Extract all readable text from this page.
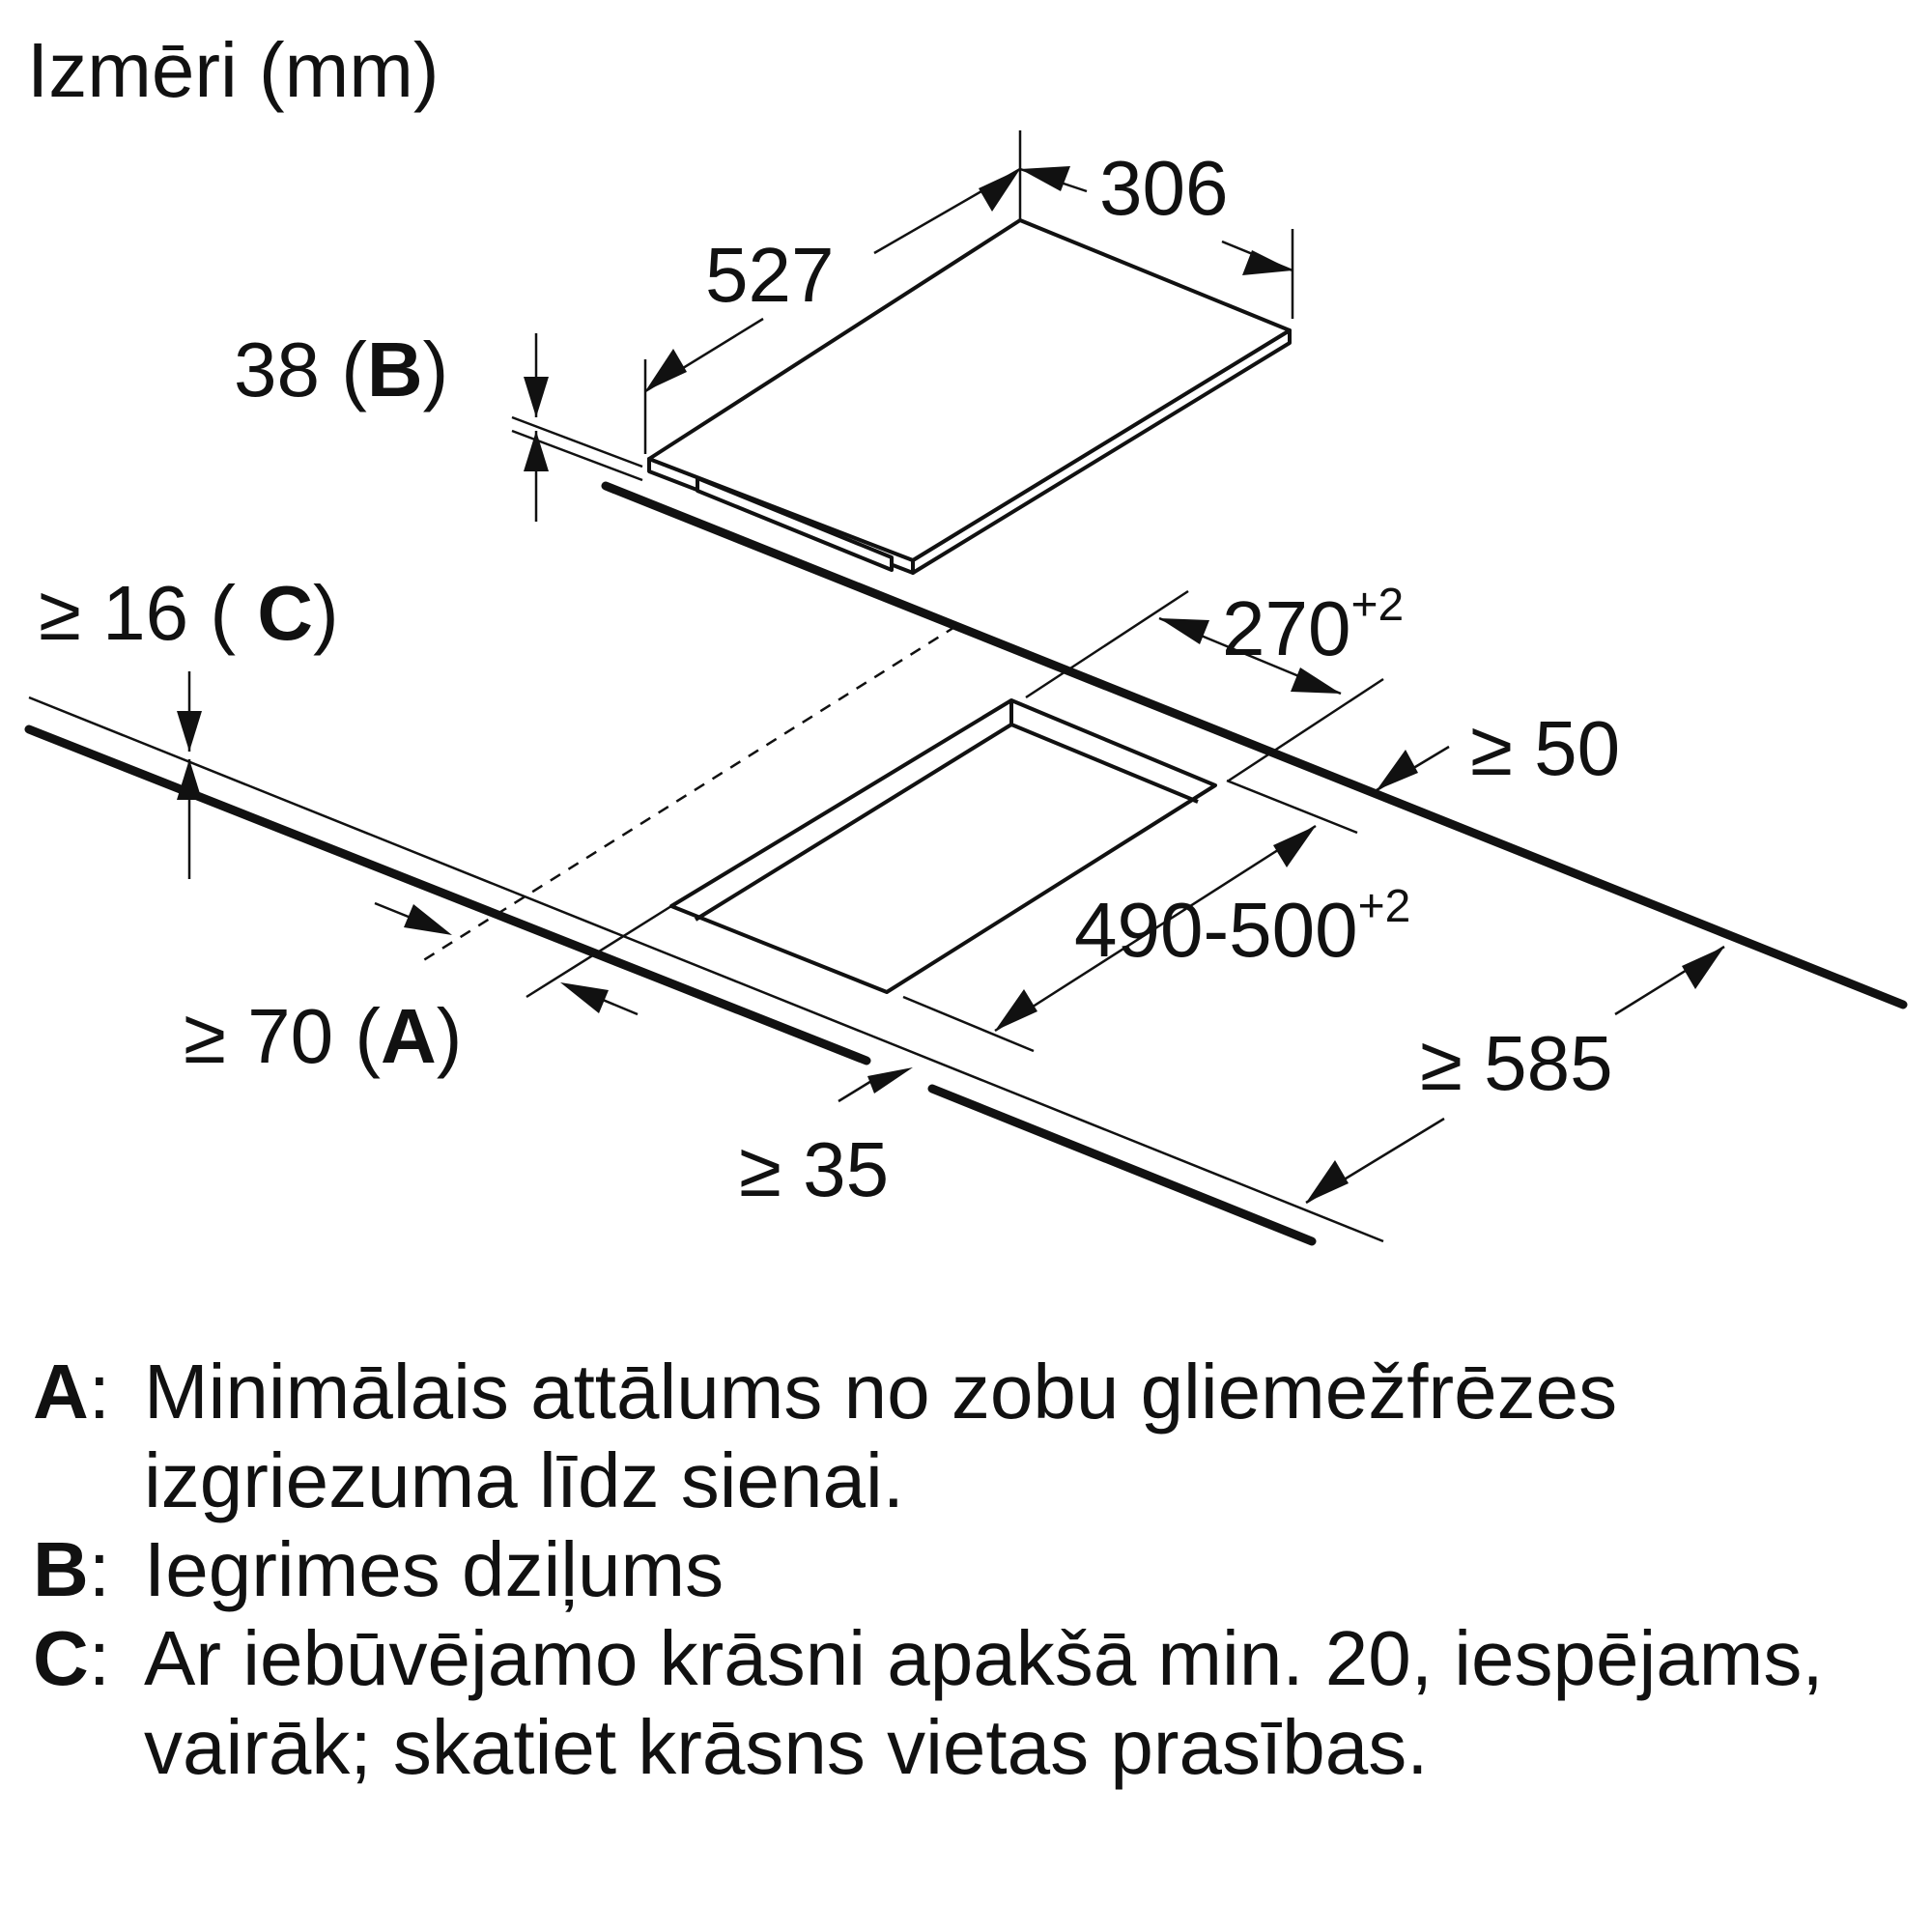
Izmēri (mm)
306
527
38 (B)
$270^{+2}$
≥ 50
$490-500^{+2}$
≥ 585
≥ 35
≥ 70 (A)
≥ 16 ( C)
A: Minimālais attālums no zobu gliemežfrēzes izgriezuma līdz sienai.
B: Iegrimes dziļums
C: Ar iebūvējamo krāsni apakšā min. 20, iespējams, vairāk; skatiet krāsns vietas prasības.
